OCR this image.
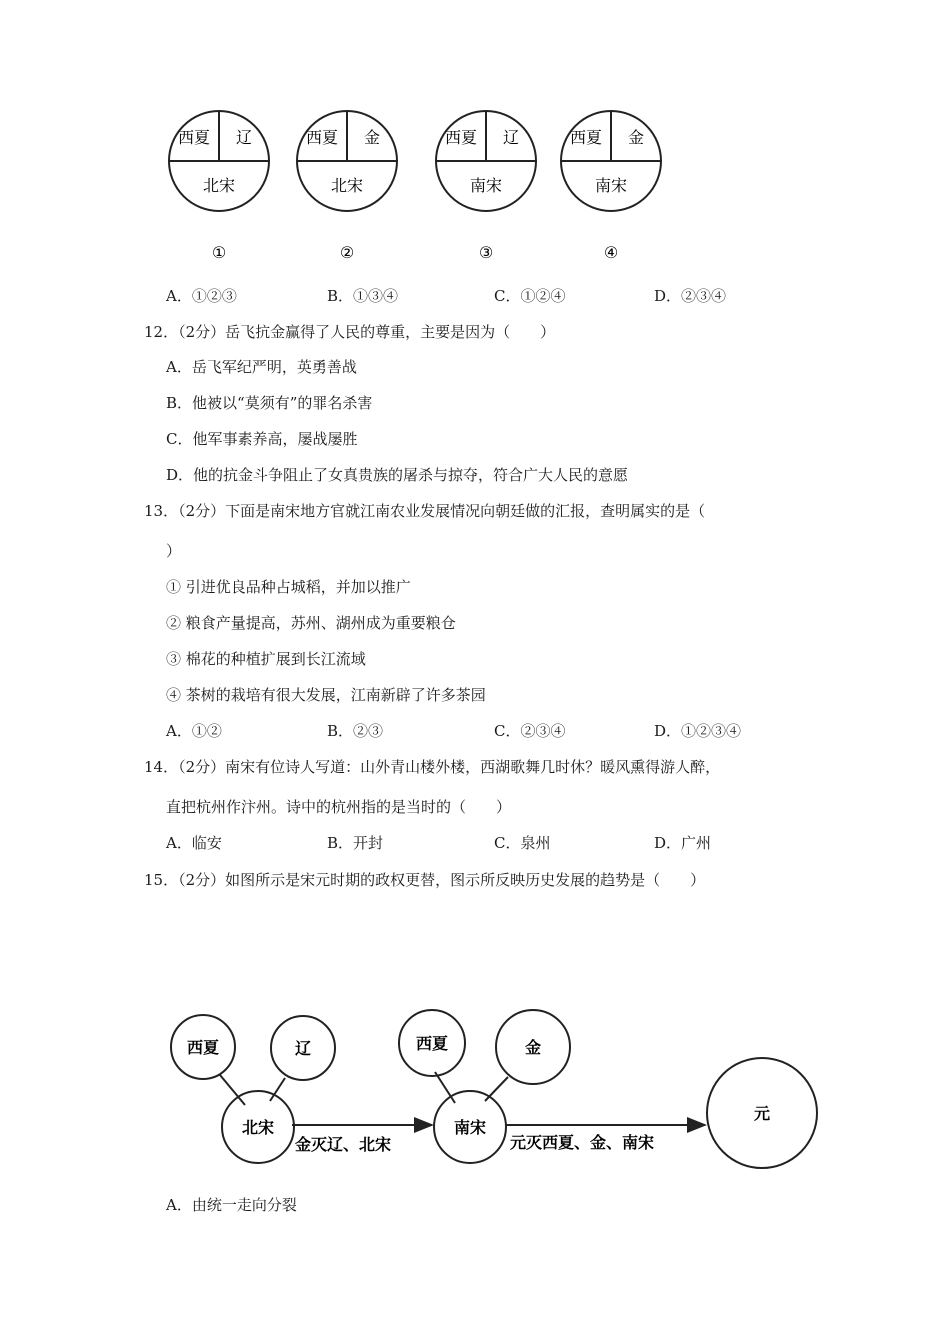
西夏 辽
北宋
①
西夏 金
北宋
②
西夏 辽
南宋
③
西夏 金
南宋
④
A．①②③	B．①③④	C．①②④	D．②③④
12．（2分）岳飞抗金赢得了人民的尊重，主要是因为（　　）
A．岳飞军纪严明，英勇善战
B．他被以“莫须有”的罪名杀害
C．他军事素养高，屡战屡胜
D．他的抗金斗争阻止了女真贵族的屠杀与掠夺，符合广大人民的意愿
13．（2分）下面是南宋地方官就江南农业发展情况向朝廷做的汇报，查明属实的是（
）
① 引进优良品种占城稻，并加以推广
② 粮食产量提高，苏州、湖州成为重要粮仓
③ 棉花的种植扩展到长江流域
④ 茶树的栽培有很大发展，江南新辟了许多茶园
A．①②	B．②③	C．②③④	D．①②③④
14．（2分）南宋有位诗人写道：山外青山楼外楼，西湖歌舞几时休？暖风熏得游人醉，
直把杭州作汴州。诗中的杭州指的是当时的（　　）
A．临安	B．开封	C．泉州	D．广州
15．（2分）如图所示是宋元时期的政权更替，图示所反映历史发展的趋势是（　　）
西夏	辽
北宋
西夏	金
南宋
元
金灭辽、北宋	元灭西夏、金、南宋
A．由统一走向分裂
